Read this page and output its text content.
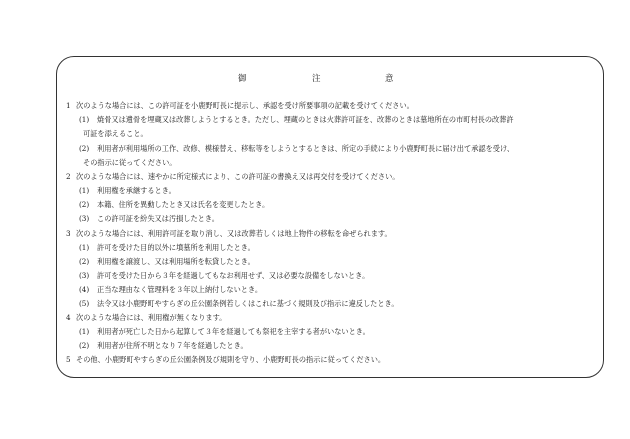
御	注	意
1 次のような場合には、この許可証を小鹿野町長に提示し、承認を受け所要事項の記載を受けてください。
(1) 焼骨又は遺骨を埋蔵又は改葬しようとするとき。ただし、埋蔵のときは火葬許可証を、改葬のときは墓地所在の市町村長の改葬許
可証を添えること。
(2) 利用者が利用場所の工作、改修、模様替え、移転等をしようとするときは、所定の手続により小鹿野町長に届け出て承認を受け、
その指示に従ってください。
2 次のような場合には、速やかに所定様式により、この許可証の書換え又は再交付を受けてください。
(1) 利用権を承継するとき。
(2) 本籍、住所を異動したとき又は氏名を変更したとき。
(3) この許可証を紛失又は汚損したとき。
3 次のような場合には、利用許可証を取り消し、又は改葬若しくは地上物件の移転を命ぜられます。
(1) 許可を受けた目的以外に墳墓所を利用したとき。
(2) 利用権を譲渡し、又は利用場所を転貸したとき。
(3) 許可を受けた日から３年を経過してもなお利用せず、又は必要な設備をしないとき。
(4) 正当な理由なく管理料を３年以上納付しないとき。
(5) 法令又は小鹿野町やすらぎの丘公園条例若しくはこれに基づく規則及び指示に違反したとき。
4 次のような場合には、利用権が無くなります。
(1) 利用者が死亡した日から起算して３年を経過しても祭祀を主宰する者がいないとき。
(2) 利用者が住所不明となり７年を経過したとき。
5 その他、小鹿野町やすらぎの丘公園条例及び規則を守り、小鹿野町長の指示に従ってください。
